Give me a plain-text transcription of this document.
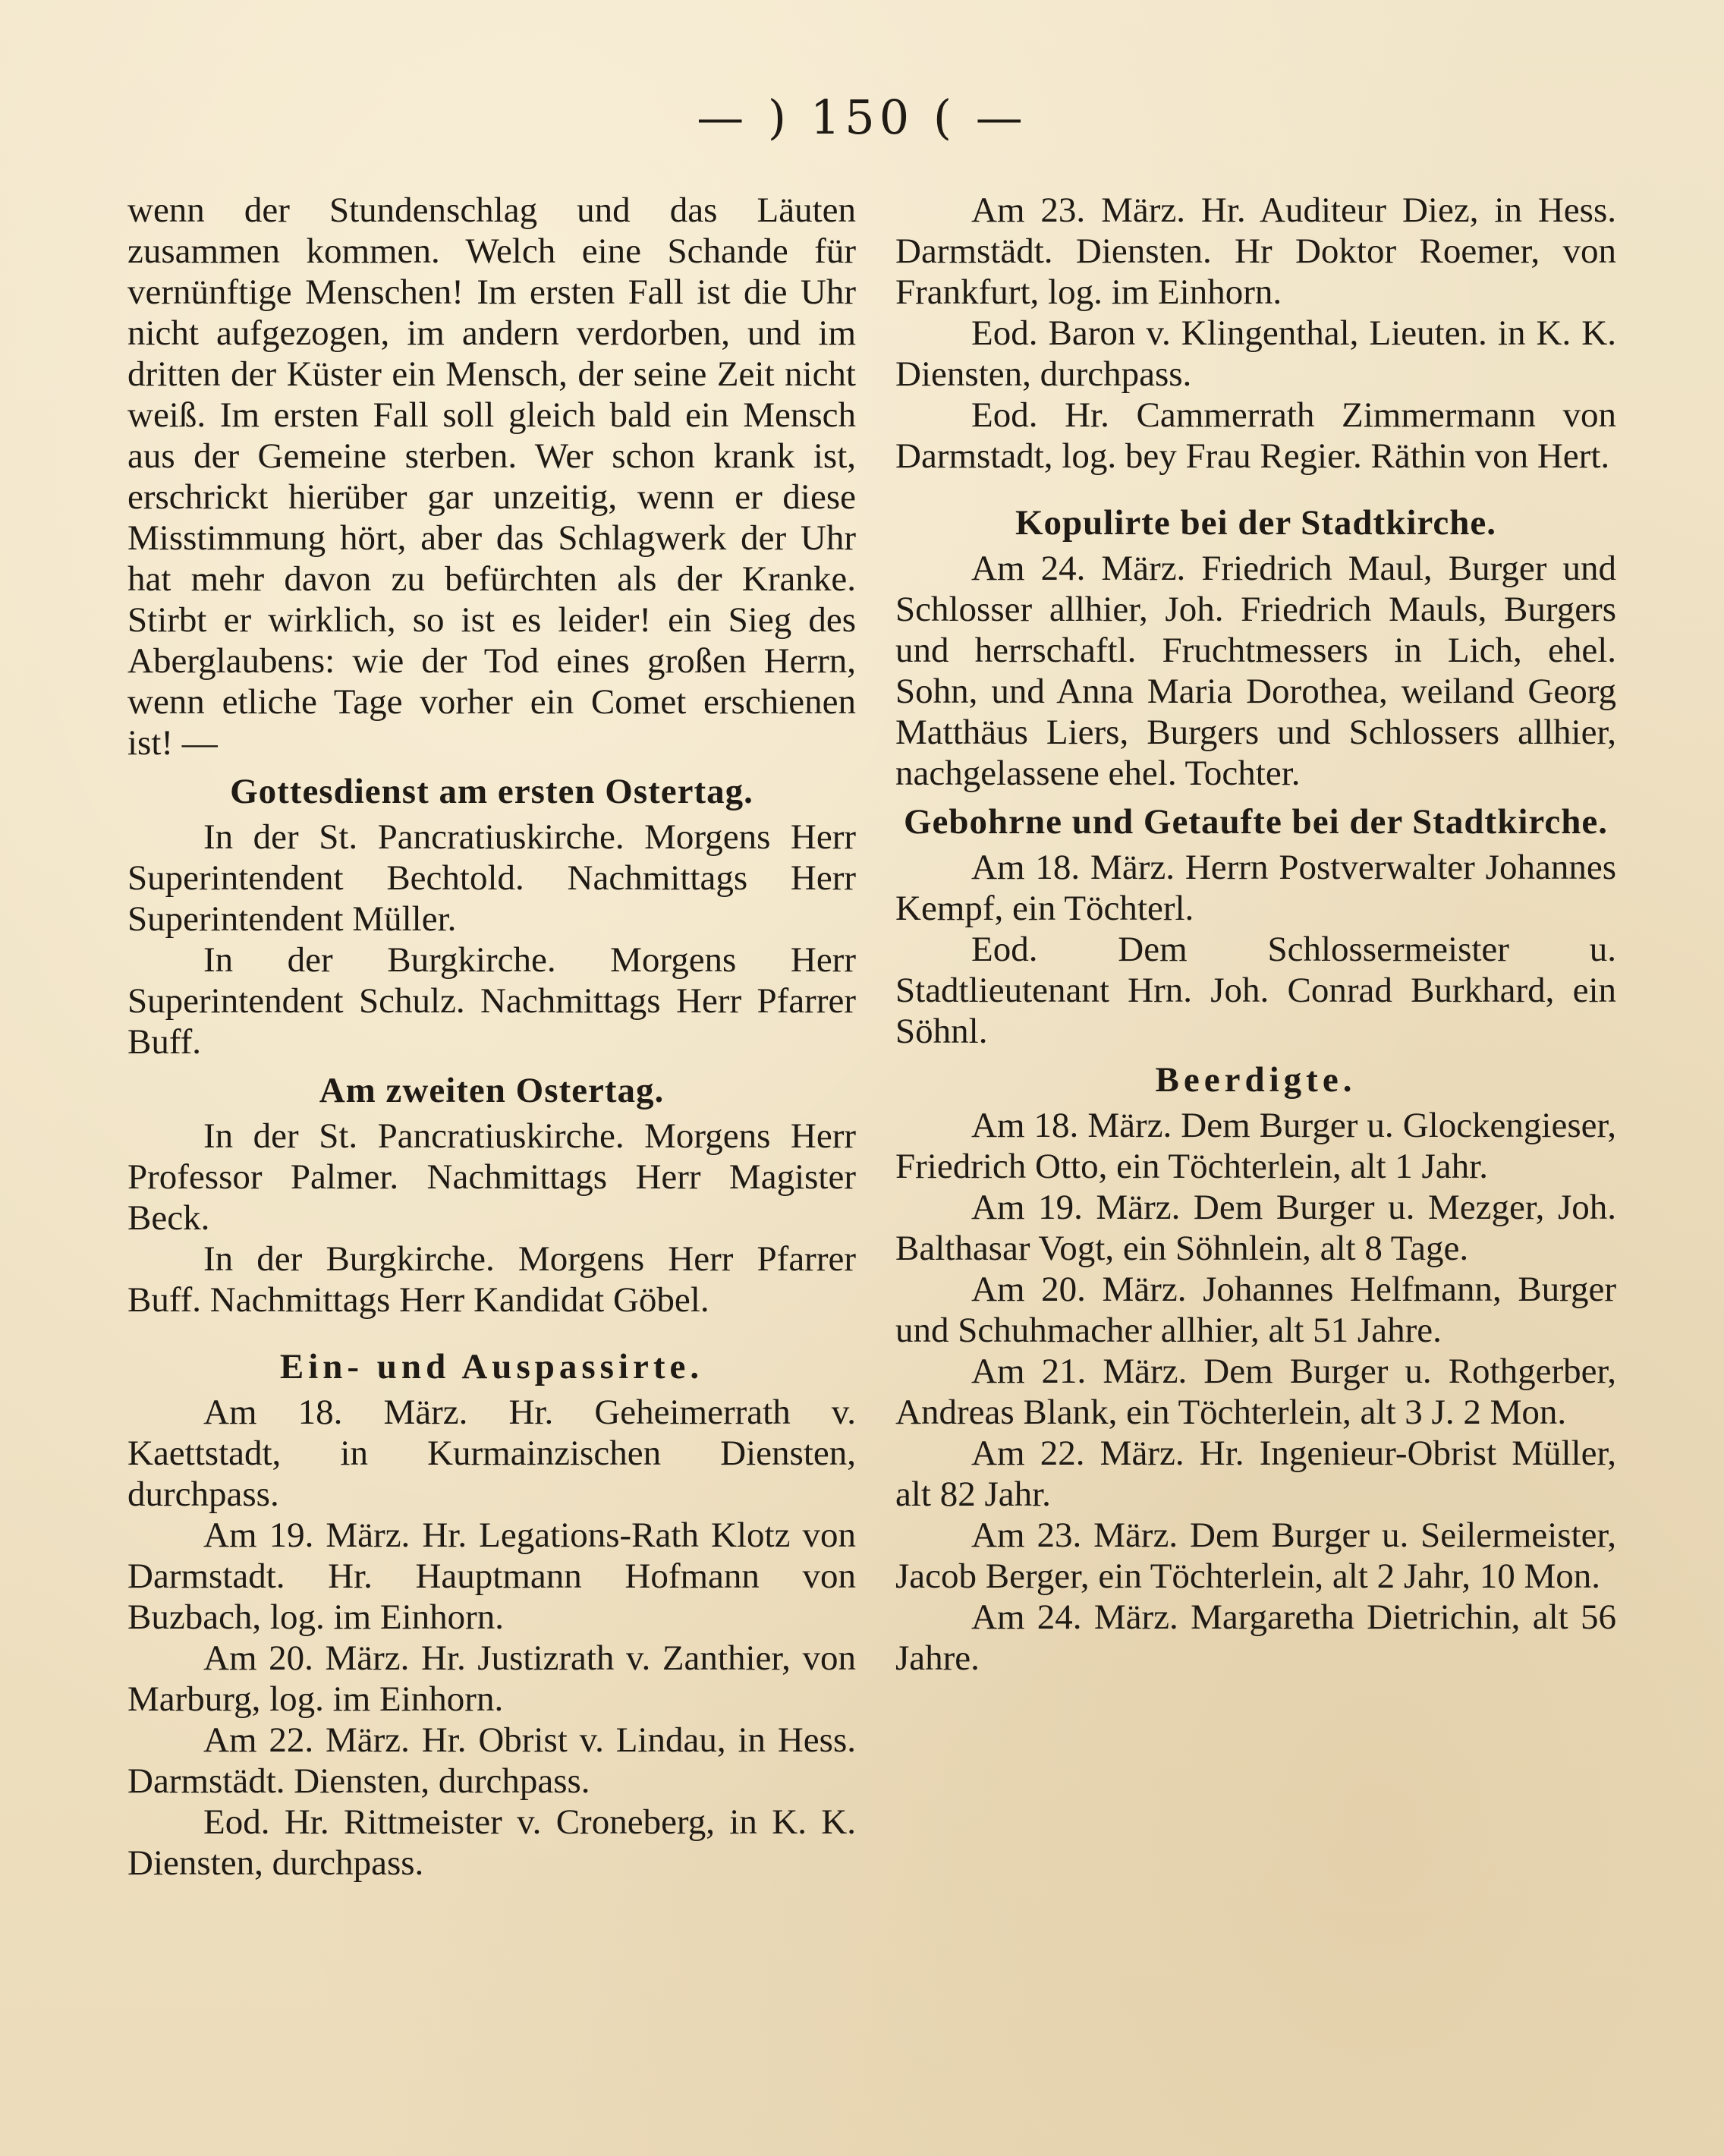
— ) 150 ( —

wenn der Stundenschlag und das Läuten zusammen kommen. Welch eine Schande für vernünftige Menschen! Im ersten Fall ist die Uhr nicht aufgezogen, im andern verdorben, und im dritten der Küster ein Mensch, der seine Zeit nicht weiß. Im ersten Fall soll gleich bald ein Mensch aus der Gemeine sterben. Wer schon krank ist, erschrickt hierüber gar unzeitig, wenn er diese Misstimmung hört, aber das Schlagwerk der Uhr hat mehr davon zu befürchten als der Kranke. Stirbt er wirklich, so ist es leider! ein Sieg des Aberglaubens: wie der Tod eines großen Herrn, wenn etliche Tage vorher ein Comet erschienen ist! —

Gottesdienst am ersten Ostertag.

In der St. Pancratiuskirche. Morgens Herr Superintendent Bechtold. Nachmittags Herr Superintendent Müller.

In der Burgkirche. Morgens Herr Superintendent Schulz. Nachmittags Herr Pfarrer Buff.

Am zweiten Ostertag.

In der St. Pancratiuskirche. Morgens Herr Professor Palmer. Nachmittags Herr Magister Beck.

In der Burgkirche. Morgens Herr Pfarrer Buff. Nachmittags Herr Kandidat Göbel.

Ein- und Auspassirte.

Am 18. März. Hr. Geheimerrath v. Kaettstadt, in Kurmainzischen Diensten, durchpass.

Am 19. März. Hr. Legations-Rath Klotz von Darmstadt. Hr. Hauptmann Hofmann von Buzbach, log. im Einhorn.

Am 20. März. Hr. Justizrath v. Zanthier, von Marburg, log. im Einhorn.

Am 22. März. Hr. Obrist v. Lindau, in Hess. Darmstädt. Diensten, durchpass.

Eod. Hr. Rittmeister v. Croneberg, in K. K. Diensten, durchpass.

Am 23. März. Hr. Auditeur Diez, in Hess. Darmstädt. Diensten. Hr Doktor Roemer, von Frankfurt, log. im Einhorn.

Eod. Baron v. Klingenthal, Lieuten. in K. K. Diensten, durchpass.

Eod. Hr. Cammerrath Zimmermann von Darmstadt, log. bey Frau Regier. Räthin von Hert.

Kopulirte bei der Stadtkirche.

Am 24. März. Friedrich Maul, Burger und Schlosser allhier, Joh. Friedrich Mauls, Burgers und herrschaftl. Fruchtmessers in Lich, ehel. Sohn, und Anna Maria Dorothea, weiland Georg Matthäus Liers, Burgers und Schlossers allhier, nachgelassene ehel. Tochter.

Gebohrne und Getaufte bei der Stadtkirche.

Am 18. März. Herrn Postverwalter Johannes Kempf, ein Töchterl.

Eod. Dem Schlossermeister u. Stadtlieutenant Hrn. Joh. Conrad Burkhard, ein Söhnl.

Beerdigte.

Am 18. März. Dem Burger u. Glockengieser, Friedrich Otto, ein Töchterlein, alt 1 Jahr.

Am 19. März. Dem Burger u. Mezger, Joh. Balthasar Vogt, ein Söhnlein, alt 8 Tage.

Am 20. März. Johannes Helfmann, Burger und Schuhmacher allhier, alt 51 Jahre.

Am 21. März. Dem Burger u. Rothgerber, Andreas Blank, ein Töchterlein, alt 3 J. 2 Mon.

Am 22. März. Hr. Ingenieur-Obrist Müller, alt 82 Jahr.

Am 23. März. Dem Burger u. Seilermeister, Jacob Berger, ein Töchterlein, alt 2 Jahr, 10 Mon.

Am 24. März. Margaretha Dietrichin, alt 56 Jahre.
